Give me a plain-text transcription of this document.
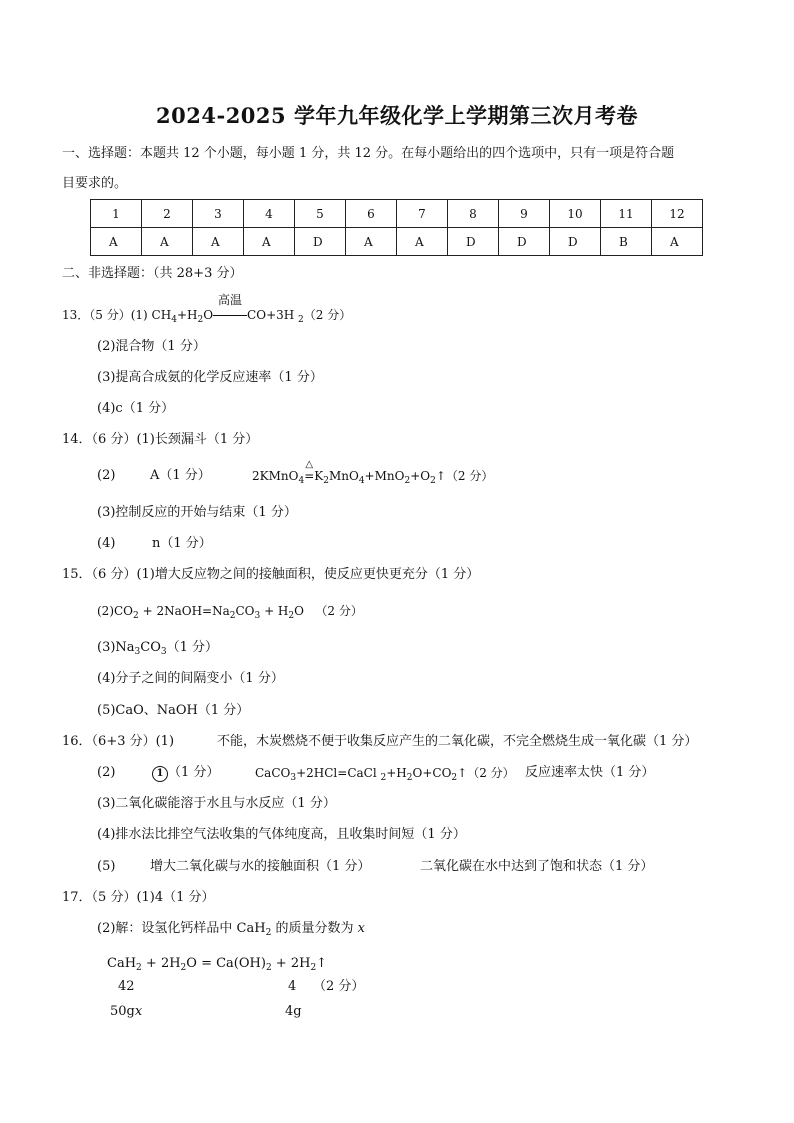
2024-2025 学年九年级化学上学期第三次月考卷
一、选择题：本题共 12 个小题，每小题 1 分，共 12 分。在每小题给出的四个选项中，只有一项是符合题
目要求的。
1	2	3	4	5	6	7	8	9	10	11	12
A	A	A	A	D	A	A	D	D	D	B	A
二、非选择题：（共 28+3 分）
13．（5 分）(1) $CH_4+H_2O$
高温
CO+3H $_2$（2 分）
(2)混合物（1 分）
(3)提高合成氨的化学反应速率（1 分）
(4)c（1 分）
14．（6 分）(1)长颈漏斗（1 分）
(2)	A（1 分）	2KMnO$_4$
△
$=K_2MnO_4+MnO_2+O_2↑(2$ 分）
(3)控制反应的开始与结束（1 分）
(4)	n（1 分）
15．（6 分）(1)增大反应物之间的接触面积，使反应更快更充分（1 分）
$(2)CO_2$ + $2NaOH=Na_2CO_3 + H_2O$   （2 分）
$(3)Na_3CO_3(1$ 分）
(4)分子之间的间隔变小（1 分）
(5)CaO、NaOH（1 分）
16．（6+3 分）(1)	不能，木炭燃烧不便于收集反应产生的二氧化碳，不完全燃烧生成一氧化碳（1 分）
(2)	1 （1 分）	CaCO$_3$+2HCl=CaCl $_2+H_2O+CO_2↑(2$ 分） 反应速率太快（1 分）
(3)二氧化碳能溶于水且与水反应（1 分）
(4)排水法比排空气法收集的气体纯度高，且收集时间短（1 分）
(5)	增大二氧化碳与水的接触面积（1 分）	二氧化碳在水中达到了饱和状态（1 分）
17．（5 分）(1)4（1 分）
(2)解：设氢化钙样品中 CaH$_2$ 的质量分数为 x
$CaH_2 + 2H_2O = Ca(OH)_2$ + $2H_2↑$
42	4 （2 分）
50gx	4g
